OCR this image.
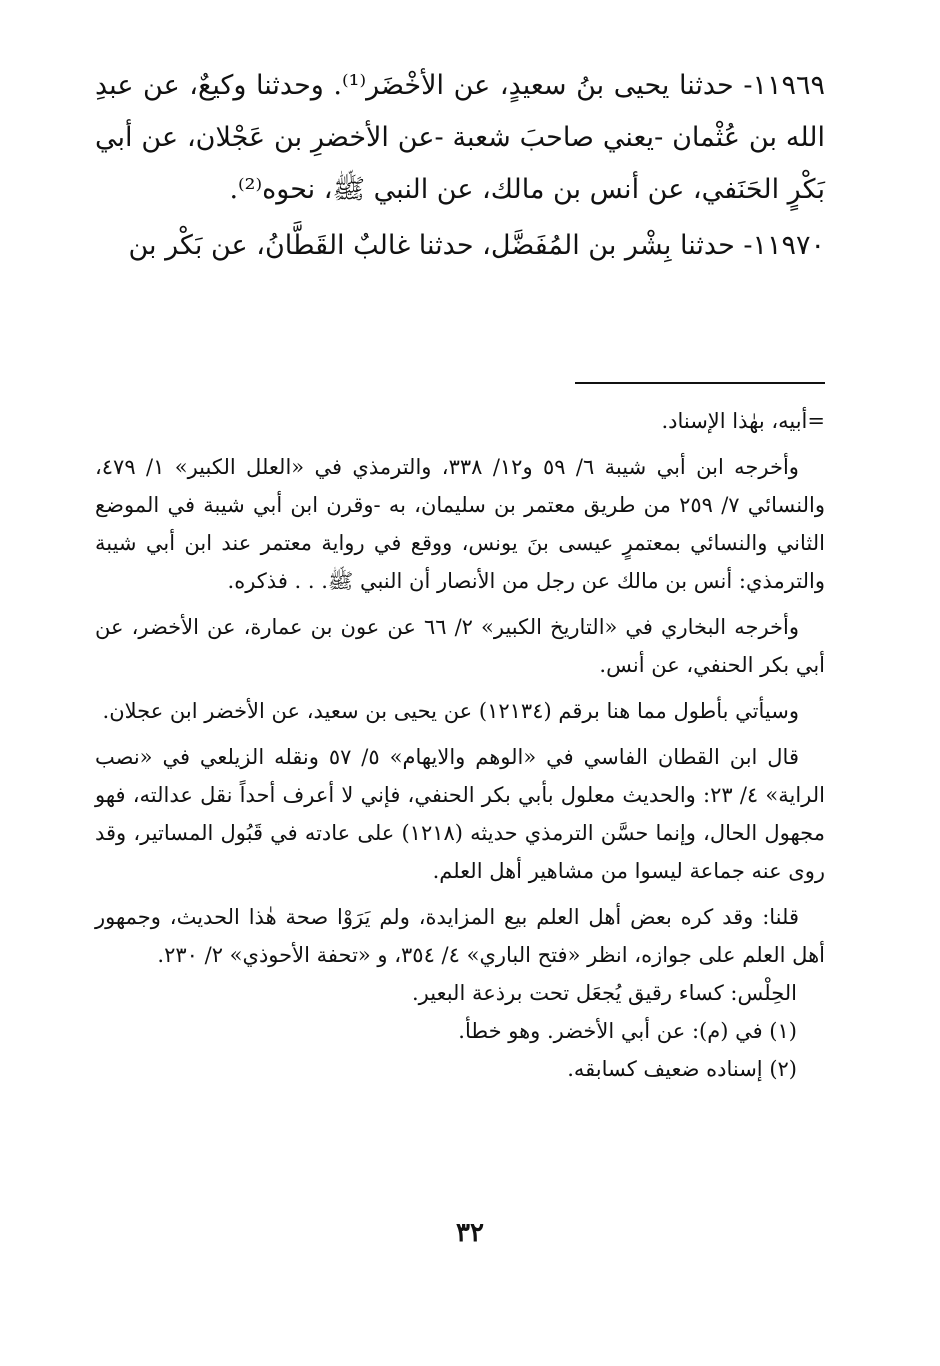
١١٩٦٩- حدثنا يحيى بنُ سعيدٍ، عن الأخْضَر⁽¹⁾. وحدثنا وكيعٌ، عن عبدِ الله بن عُثْمان -يعني صاحبَ شعبة -عن الأخضرِ بن عَجْلان، عن أبي بَكْرٍ الحَنَفي، عن أنس بن مالك، عن النبي ﷺ، نحوه⁽²⁾.

١١٩٧٠- حدثنا بِشْر بن المُفَضَّل، حدثنا غالبٌ القَطَّانُ، عن بَكْر بن

=أبيه، بهٰذا الإسناد.

وأخرجه ابن أبي شيبة ٦/ ٥٩ و١٢/ ٣٣٨، والترمذي في «العلل الكبير» ١/ ٤٧٩، والنسائي ٧/ ٢٥٩ من طريق معتمر بن سليمان، به -وقرن ابن أبي شيبة في الموضع الثاني والنسائي بمعتمرٍ عيسى بنَ يونس، ووقع في رواية معتمر عند ابن أبي شيبة والترمذي: أنس بن مالك عن رجل من الأنصار أن النبي ﷺ. . . فذكره.

وأخرجه البخاري في «التاريخ الكبير» ٢/ ٦٦ عن عون بن عمارة، عن الأخضر، عن أبي بكر الحنفي، عن أنس.

وسيأتي بأطول مما هنا برقم (١٢١٣٤) عن يحيى بن سعيد، عن الأخضر ابن عجلان.

قال ابن القطان الفاسي في «الوهم والايهام» ٥/ ٥٧ ونقله الزيلعي في «نصب الراية» ٤/ ٢٣: والحديث معلول بأبي بكر الحنفي، فإني لا أعرف أحداً نقل عدالته، فهو مجهول الحال، وإنما حسَّن الترمذي حديثه (١٢١٨) على عادته في قَبُول المساتير، وقد روى عنه جماعة ليسوا من مشاهير أهل العلم.

قلنا: وقد كره بعض أهل العلم بيع المزايدة، ولم يَرَوْا صحة هٰذا الحديث، وجمهور أهل العلم على جوازه، انظر «فتح الباري» ٤/ ٣٥٤، و «تحفة الأحوذي» ٢/ ٢٣٠.

الحِلْس: كساء رقيق يُجعَل تحت برذعة البعير.

(١) في (م): عن أبي الأخضر. وهو خطأ.

(٢) إسناده ضعيف كسابقه.

٣٢
